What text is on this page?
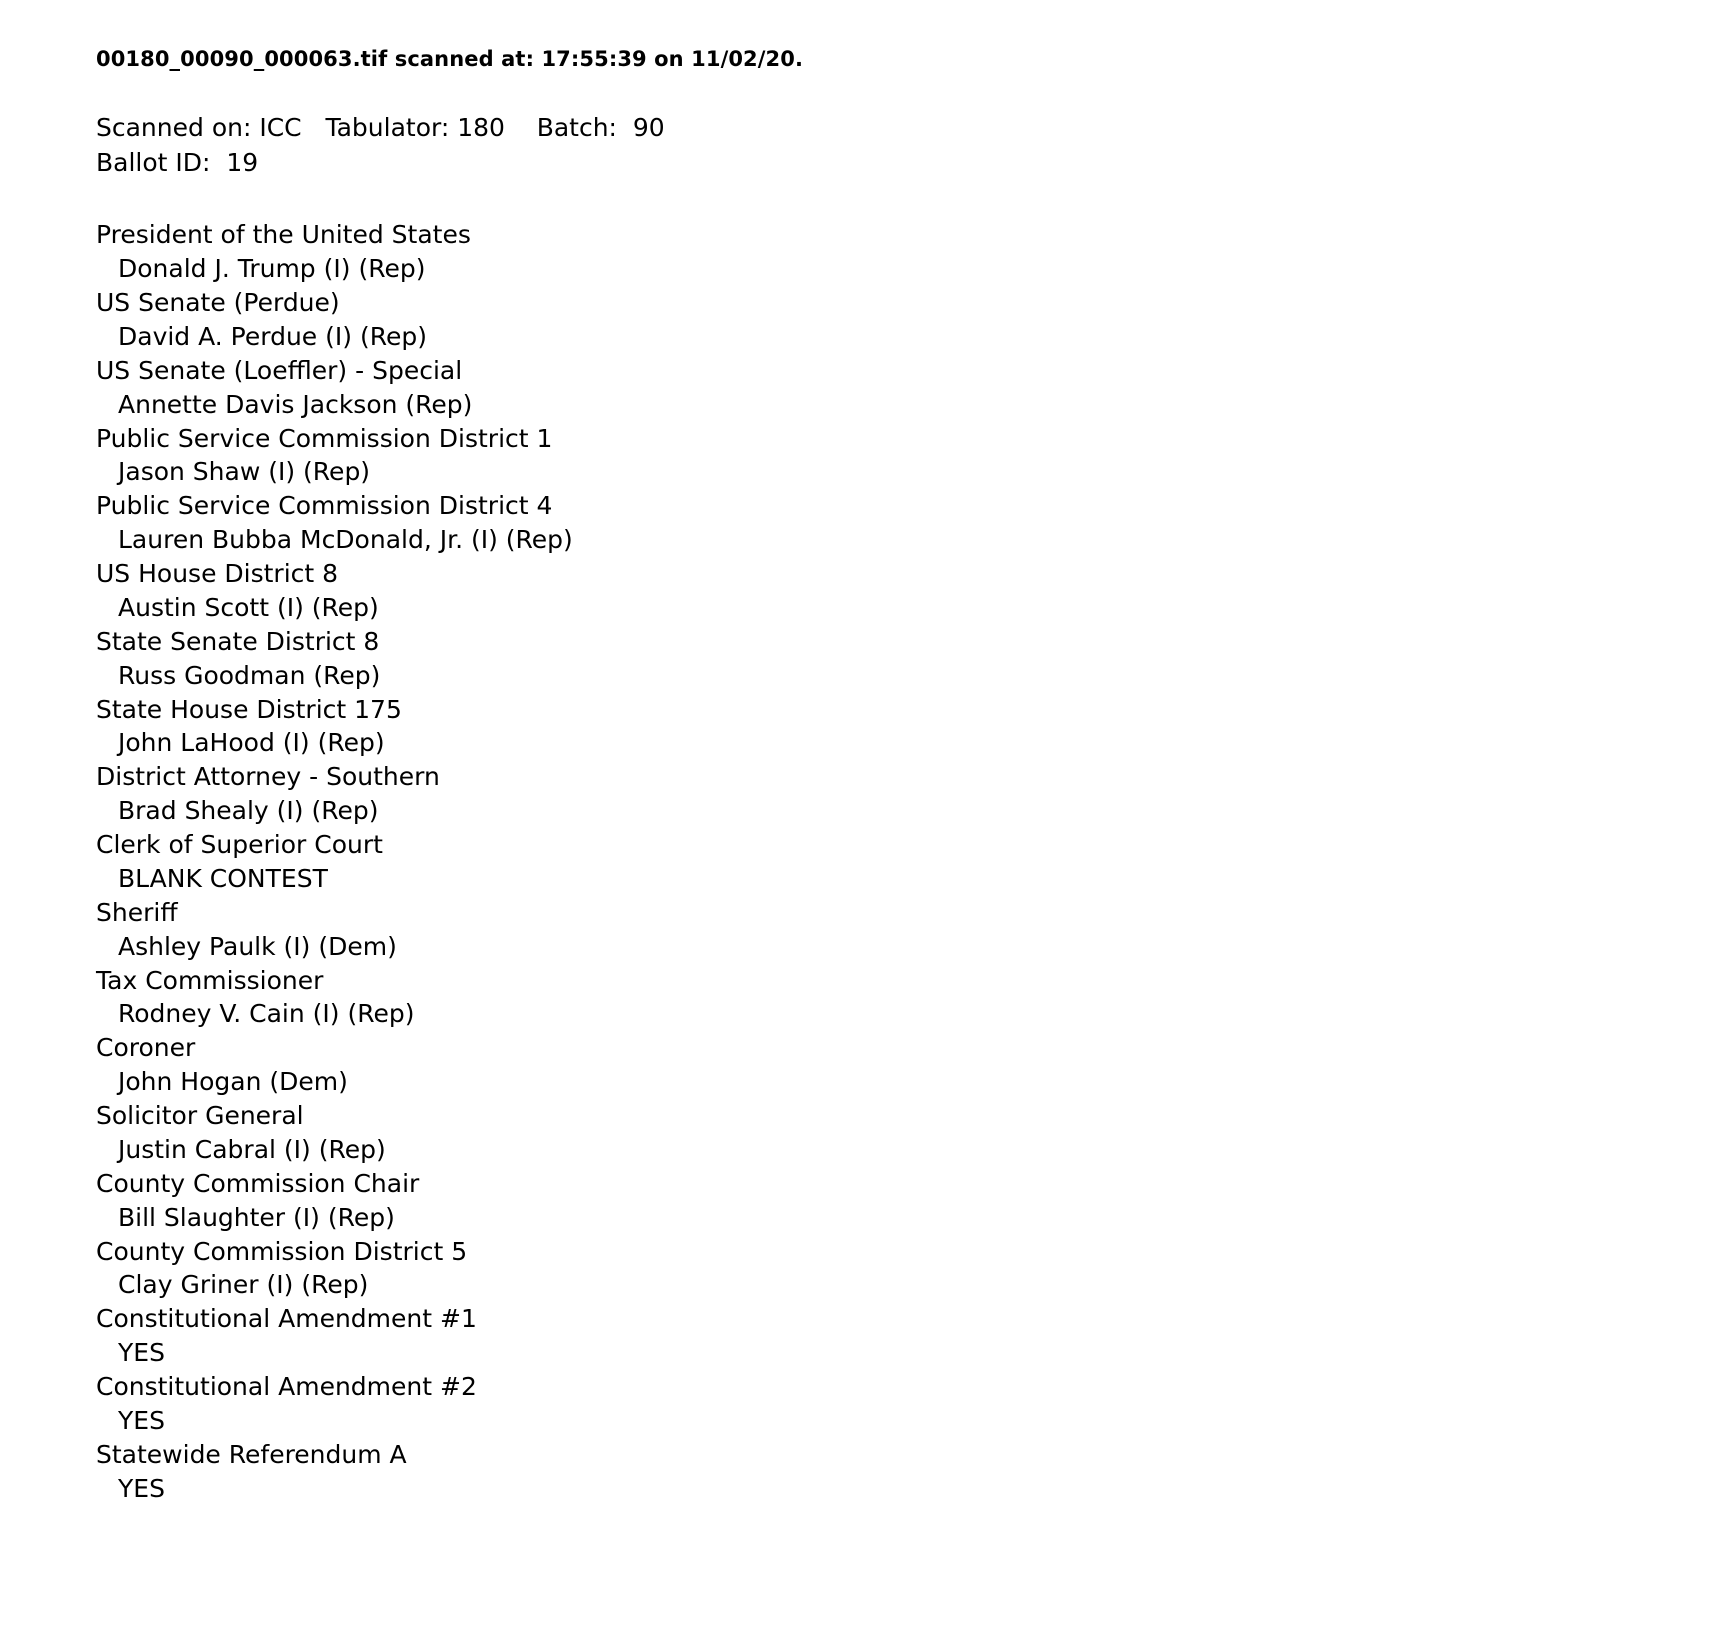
00180_00090_000063.tif scanned at: 17:55:39 on 11/02/20.
Scanned on: ICC   Tabulator: 180    Batch:  90
Ballot ID:  19
President of the United States
Donald J. Trump (I) (Rep)
US Senate (Perdue)
David A. Perdue (I) (Rep)
US Senate (Loeffler) - Special
Annette Davis Jackson (Rep)
Public Service Commission District 1
Jason Shaw (I) (Rep)
Public Service Commission District 4
Lauren Bubba McDonald, Jr. (I) (Rep)
US House District 8
Austin Scott (I) (Rep)
State Senate District 8
Russ Goodman (Rep)
State House District 175
John LaHood (I) (Rep)
District Attorney - Southern
Brad Shealy (I) (Rep)
Clerk of Superior Court
BLANK CONTEST
Sheriff
Ashley Paulk (I) (Dem)
Tax Commissioner
Rodney V. Cain (I) (Rep)
Coroner
John Hogan (Dem)
Solicitor General
Justin Cabral (I) (Rep)
County Commission Chair
Bill Slaughter (I) (Rep)
County Commission District 5
Clay Griner (I) (Rep)
Constitutional Amendment #1
YES
Constitutional Amendment #2
YES
Statewide Referendum A
YES
